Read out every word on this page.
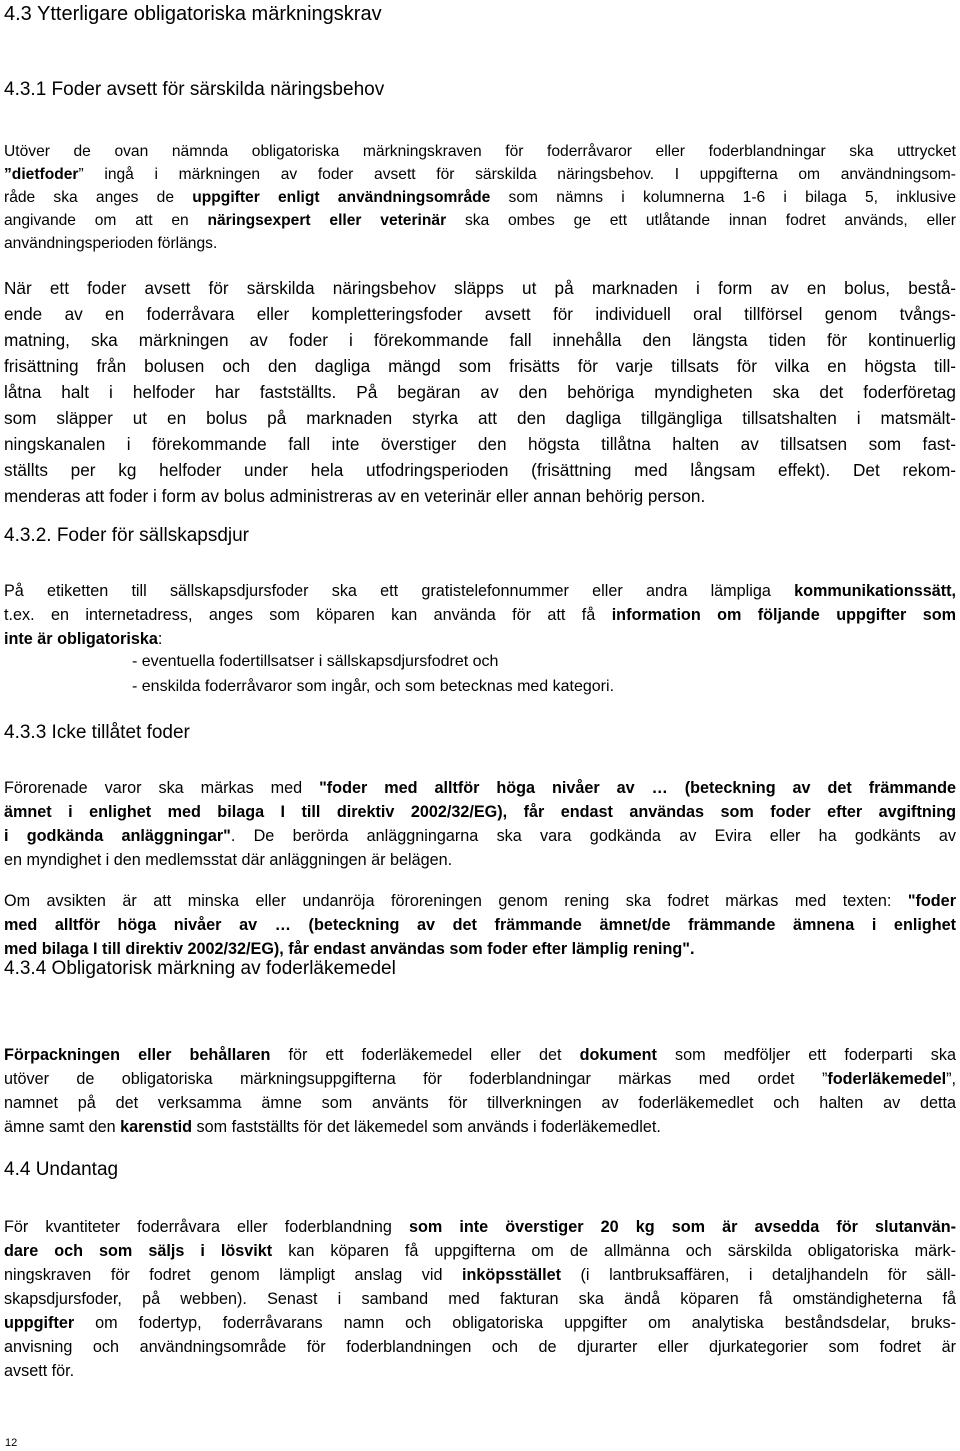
4.3 Ytterligare obligatoriska märkningskrav
4.3.1 Foder avsett för särskilda näringsbehov
Utöver de ovan nämnda obligatoriska märkningskraven för foderråvaror eller foderblandningar ska uttrycket
”dietfoder” ingå i märkningen av foder avsett för särskilda näringsbehov. I uppgifterna om användningsom-
råde ska anges de uppgifter enligt användningsområde som nämns i kolumnerna 1-6 i bilaga 5, inklusive
angivande om att en näringsexpert eller veterinär ska ombes ge ett utlåtande innan fodret används, eller
användningsperioden förlängs.
När ett foder avsett för särskilda näringsbehov släpps ut på marknaden i form av en bolus, bestå-
ende av en foderråvara eller kompletteringsfoder avsett för individuell oral tillförsel genom tvångs-
matning, ska märkningen av foder i förekommande fall innehålla den längsta tiden för kontinuerlig
frisättning från bolusen och den dagliga mängd som frisätts för varje tillsats för vilka en högsta till-
låtna halt i helfoder har fastställts. På begäran av den behöriga myndigheten ska det foderföretag
som släpper ut en bolus på marknaden styrka att den dagliga tillgängliga tillsatshalten i matsmält-
ningskanalen i förekommande fall inte överstiger den högsta tillåtna halten av tillsatsen som fast-
ställts per kg helfoder under hela utfodringsperioden (frisättning med långsam effekt). Det rekom-
menderas att foder i form av bolus administreras av en veterinär eller annan behörig person.
4.3.2. Foder för sällskapsdjur
På etiketten till sällskapsdjursfoder ska ett gratistelefonnummer eller andra lämpliga kommunikationssätt,
t.ex. en internetadress, anges som köparen kan använda för att få information om följande uppgifter som
inte är obligatoriska:
- eventuella fodertillsatser i sällskapsdjursfodret och
- enskilda foderråvaror som ingår, och som betecknas med kategori.
4.3.3 Icke tillåtet foder
Förorenade varor ska märkas med "foder med alltför höga nivåer av … (beteckning av det främmande
ämnet i enlighet med bilaga I till direktiv 2002/32/EG), får endast användas som foder efter avgiftning
i godkända anläggningar". De berörda anläggningarna ska vara godkända av Evira eller ha godkänts av
en myndighet i den medlemsstat där anläggningen är belägen.
Om avsikten är att minska eller undanröja föroreningen genom rening ska fodret märkas med texten: "foder
med alltför höga nivåer av … (beteckning av det främmande ämnet/de främmande ämnena i enlighet
med bilaga I till direktiv 2002/32/EG), får endast användas som foder efter lämplig rening".
4.3.4 Obligatorisk märkning av foderläkemedel
Förpackningen eller behållaren för ett foderläkemedel eller det dokument som medföljer ett foderparti ska
utöver de obligatoriska märkningsuppgifterna för foderblandningar märkas med ordet ”foderläkemedel”,
namnet på det verksamma ämne som använts för tillverkningen av foderläkemedlet och halten av detta
ämne samt den karenstid som fastställts för det läkemedel som används i foderläkemedlet.
4.4 Undantag
För kvantiteter foderråvara eller foderblandning som inte överstiger 20 kg som är avsedda för slutanvän-
dare och som säljs i lösvikt kan köparen få uppgifterna om de allmänna och särskilda obligatoriska märk-
ningskraven för fodret genom lämpligt anslag vid inköpsstället (i lantbruksaffären, i detaljhandeln för säll-
skapsdjursfoder, på webben). Senast i samband med fakturan ska ändå köparen få omständigheterna få
uppgifter om fodertyp, foderråvarans namn och obligatoriska uppgifter om analytiska beståndsdelar, bruks-
anvisning och användningsområde för foderblandningen och de djurarter eller djurkategorier som fodret är
avsett för.
12
